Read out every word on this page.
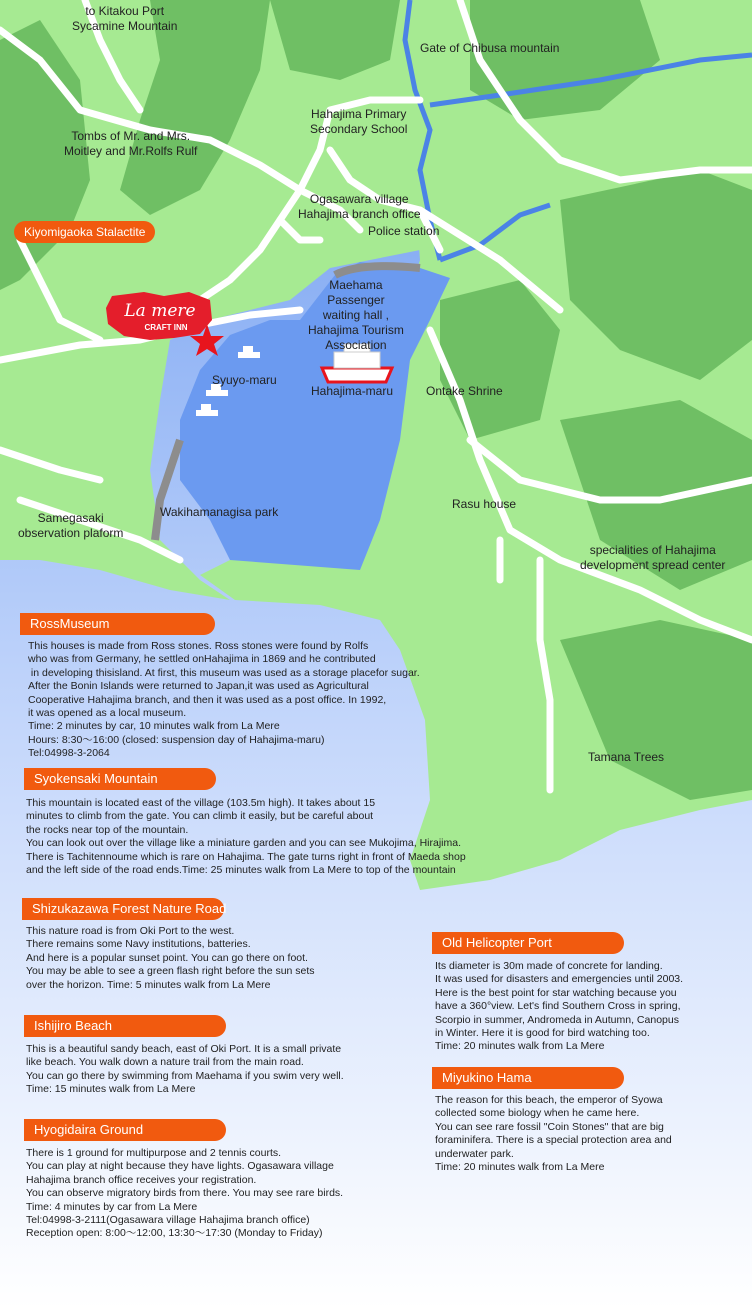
La mere
CRAFT INN
to Kitakou Port
Sycamine Mountain
Gate of Chibusa mountain
Hahajima Primary
Secondary School
Tombs of Mr. and Mrs.
Moitley and Mr.Rolfs Rulf
Ogasawara village
Hahajima branch office
Police station
Maehama
Passenger
waiting hall ,
Hahajima Tourism
Association
Syuyo-maru
Hahajima-maru	Ontake Shrine
Rasu house
Wakihamanagisa park
Samegasaki
observation plaform
specialities of Hahajima
development spread center
Tamana Trees
Kiyomigaoka Stalactite
RossMuseum
This houses is made from Ross stones. Ross stones were found by Rolfs
who was from Germany, he settled onHahajima in 1869 and he contributed
in developing thisisland. At first, this museum was used as a storage placefor sugar.
After the Bonin Islands were returned to Japan,it was used as Agricultural
Cooperative Hahajima branch, and then it was used as a post office. In 1992,
it was opened as a local museum.
Time: 2 minutes by car, 10 minutes walk from La Mere
Hours: 8:30〜16:00 (closed: suspension day of Hahajima-maru)
Tel:04998-3-2064
Syokensaki Mountain
This mountain is located east of the village (103.5m high). It takes about 15
minutes to climb from the gate. You can climb it easily, but be careful about
the rocks near top of the mountain.
You can look out over the village like a miniature garden and you can see Mukojima, Hirajima.
There is Tachitennoume which is rare on Hahajima. The gate turns right in front of Maeda shop
and the left side of the road ends.Time: 25 minutes walk from La Mere to top of the mountain
Shizukazawa Forest Nature Road
This nature road is from Oki Port to the west.
There remains some Navy institutions, batteries.
And here is a popular sunset point. You can go there on foot.
You may be able to see a green flash right before the sun sets
over the horizon. Time: 5 minutes walk from La Mere
Ishijiro Beach
This is a beautiful sandy beach, east of Oki Port. It is a small private
like beach. You walk down a nature trail from the main road.
You can go there by swimming from Maehama if you swim very well.
Time: 15 minutes walk from La Mere
Hyogidaira Ground
There is 1 ground for multipurpose and 2 tennis courts.
You can play at night because they have lights. Ogasawara village
Hahajima branch office receives your registration.
You can observe migratory birds from there. You may see rare birds.
Time: 4 minutes by car from La Mere
Tel:04998-3-2111(Ogasawara village Hahajima branch office)
Reception open: 8:00〜12:00, 13:30〜17:30 (Monday to Friday)
Old Helicopter Port
Its diameter is 30m made of concrete for landing.
It was used for disasters and emergencies until 2003.
Here is the best point for star watching because you
have a 360°view. Let's find Southern Cross in spring,
Scorpio in summer, Andromeda in Autumn, Canopus
in Winter. Here it is good for bird watching too.
Time: 20 minutes walk from La Mere
Miyukino Hama
The reason for this beach, the emperor of Syowa
collected some biology when he came here.
You can see rare fossil "Coin Stones" that are big
foraminifera. There is a special protection area and
underwater park.
Time: 20 minutes walk from La Mere
